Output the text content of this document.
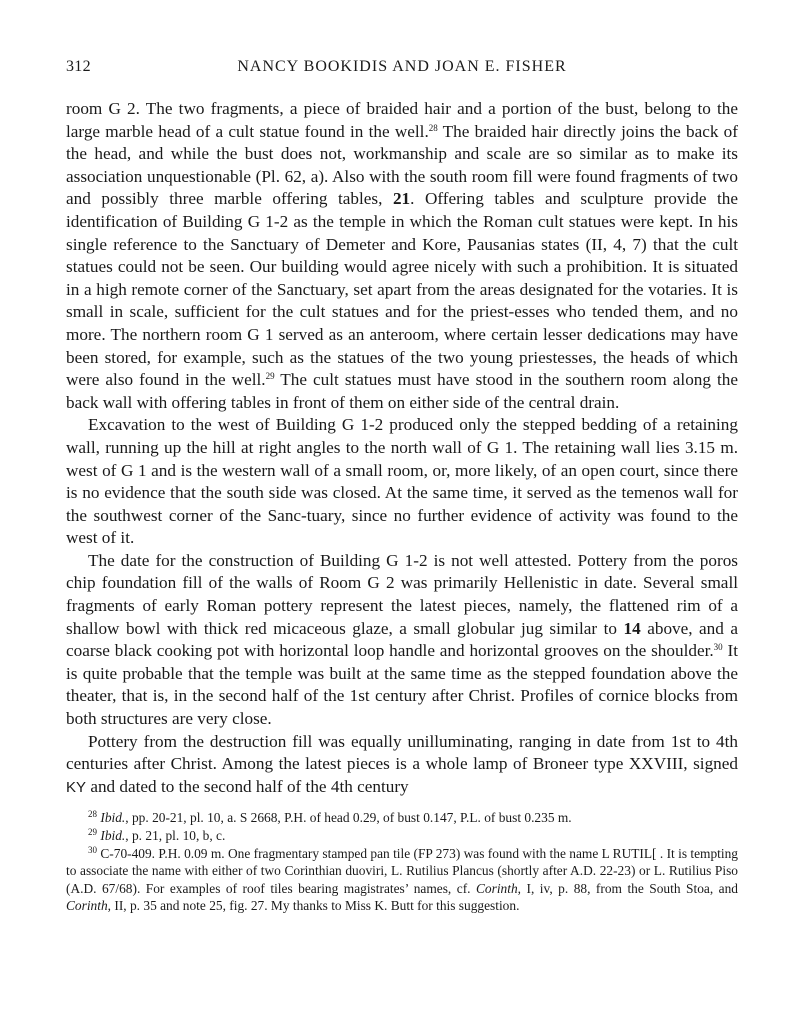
312	NANCY BOOKIDIS AND JOAN E. FISHER

room G 2. The two fragments, a piece of braided hair and a portion of the bust, belong to the large marble head of a cult statue found in the well.$^{28}$ The braided hair directly joins the back of the head, and while the bust does not, workmanship and scale are so similar as to make its association unquestionable (Pl. 62, a). Also with the south room fill were found fragments of two and possibly three marble offering tables, 21. Offering tables and sculpture provide the identification of Building G 1-2 as the temple in which the Roman cult statues were kept. In his single reference to the Sanctuary of Demeter and Kore, Pausanias states (II, 4, 7) that the cult statues could not be seen. Our building would agree nicely with such a prohibition. It is situated in a high remote corner of the Sanctuary, set apart from the areas designated for the votaries. It is small in scale, sufficient for the cult statues and for the priest-esses who tended them, and no more. The northern room G 1 served as an anteroom, where certain lesser dedications may have been stored, for example, such as the statues of the two young priestesses, the heads of which were also found in the well.$^{29}$ The cult statues must have stood in the southern room along the back wall with offering tables in front of them on either side of the central drain.

Excavation to the west of Building G 1-2 produced only the stepped bedding of a retaining wall, running up the hill at right angles to the north wall of G 1. The retaining wall lies 3.15 m. west of G 1 and is the western wall of a small room, or, more likely, of an open court, since there is no evidence that the south side was closed. At the same time, it served as the temenos wall for the southwest corner of the Sanc-tuary, since no further evidence of activity was found to the west of it.

The date for the construction of Building G 1-2 is not well attested. Pottery from the poros chip foundation fill of the walls of Room G 2 was primarily Hellenistic in date. Several small fragments of early Roman pottery represent the latest pieces, namely, the flattened rim of a shallow bowl with thick red micaceous glaze, a small globular jug similar to 14 above, and a coarse black cooking pot with horizontal loop handle and horizontal grooves on the shoulder.$^{30}$ It is quite probable that the temple was built at the same time as the stepped foundation above the theater, that is, in the second half of the 1st century after Christ. Profiles of cornice blocks from both structures are very close.

Pottery from the destruction fill was equally unilluminating, ranging in date from 1st to 4th centuries after Christ. Among the latest pieces is a whole lamp of Broneer type XXVIII, signed KY and dated to the second half of the 4th century

$^{28}$ Ibid., pp. 20-21, pl. 10, a. S 2668, P.H. of head 0.29, of bust 0.147, P.L. of bust 0.235 m.

$^{29}$ Ibid., p. 21, pl. 10, b, c.

$^{30}$ C-70-409. P.H. 0.09 m. One fragmentary stamped pan tile (FP 273) was found with the name L RUTIL[ . It is tempting to associate the name with either of two Corinthian duoviri, L. Rutilius Plancus (shortly after A.D. 22-23) or L. Rutilius Piso (A.D. 67/68). For examples of roof tiles bearing magistrates’ names, cf. Corinth, I, iv, p. 88, from the South Stoa, and Corinth, II, p. 35 and note 25, fig. 27. My thanks to Miss K. Butt for this suggestion.
